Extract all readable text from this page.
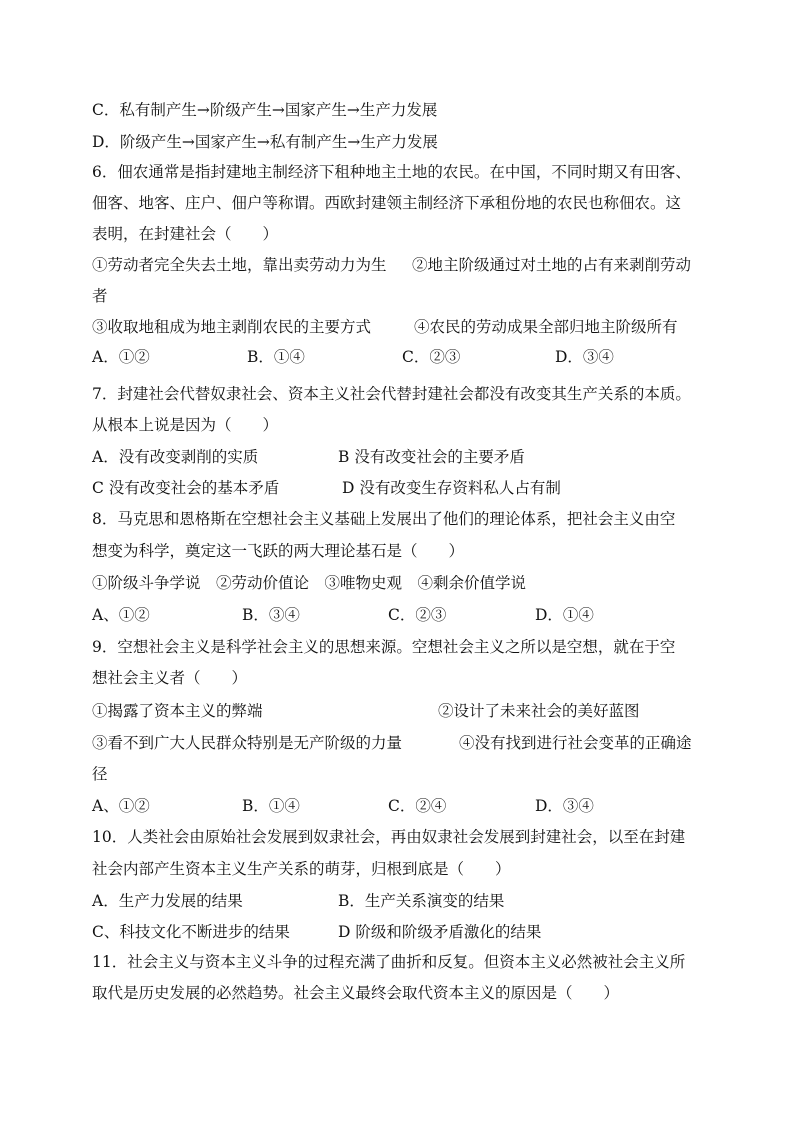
C．私有制产生→阶级产生→国家产生→生产力发展
D．阶级产生→国家产生→私有制产生→生产力发展
6．佃农通常是指封建地主制经济下租种地主土地的农民。在中国，不同时期又有田客、
佃客、地客、庄户、佃户等称谓。西欧封建领主制经济下承租份地的农民也称佃农。这
表明，在封建社会（　　）
①劳动者完全失去土地，靠出卖劳动力为生 ②地主阶级通过对土地的占有来剥削劳动
者
③收取地租成为地主剥削农民的主要方式	④农民的劳动成果全部归地主阶级所有
A．①②	B．①④	C．②③	D．③④
7．封建社会代替奴隶社会、资本主义社会代替封建社会都没有改变其生产关系的本质。
从根本上说是因为（　　）
A．没有改变剥削的实质	B 没有改变社会的主要矛盾
C 没有改变社会的基本矛盾	D 没有改变生存资料私人占有制
8．马克思和恩格斯在空想社会主义基础上发展出了他们的理论体系，把社会主义由空
想变为科学，奠定这一飞跃的两大理论基石是（　　）
①阶级斗争学说　②劳动价值论　③唯物史观　④剩余价值学说
A、①②	B．③④	C．②③	D．①④
9．空想社会主义是科学社会主义的思想来源。空想社会主义之所以是空想，就在于空
想社会主义者（　　）
①揭露了资本主义的弊端	②设计了未来社会的美好蓝图
③看不到广大人民群众特别是无产阶级的力量	④没有找到进行社会变革的正确途
径
A、①②	B．①④	C．②④	D．③④
10．人类社会由原始社会发展到奴隶社会，再由奴隶社会发展到封建社会，以至在封建
社会内部产生资本主义生产关系的萌芽，归根到底是（　　）
A．生产力发展的结果	B．生产关系演变的结果
C、科技文化不断进步的结果	D 阶级和阶级矛盾激化的结果
11．社会主义与资本主义斗争的过程充满了曲折和反复。但资本主义必然被社会主义所
取代是历史发展的必然趋势。社会主义最终会取代资本主义的原因是（　　）
